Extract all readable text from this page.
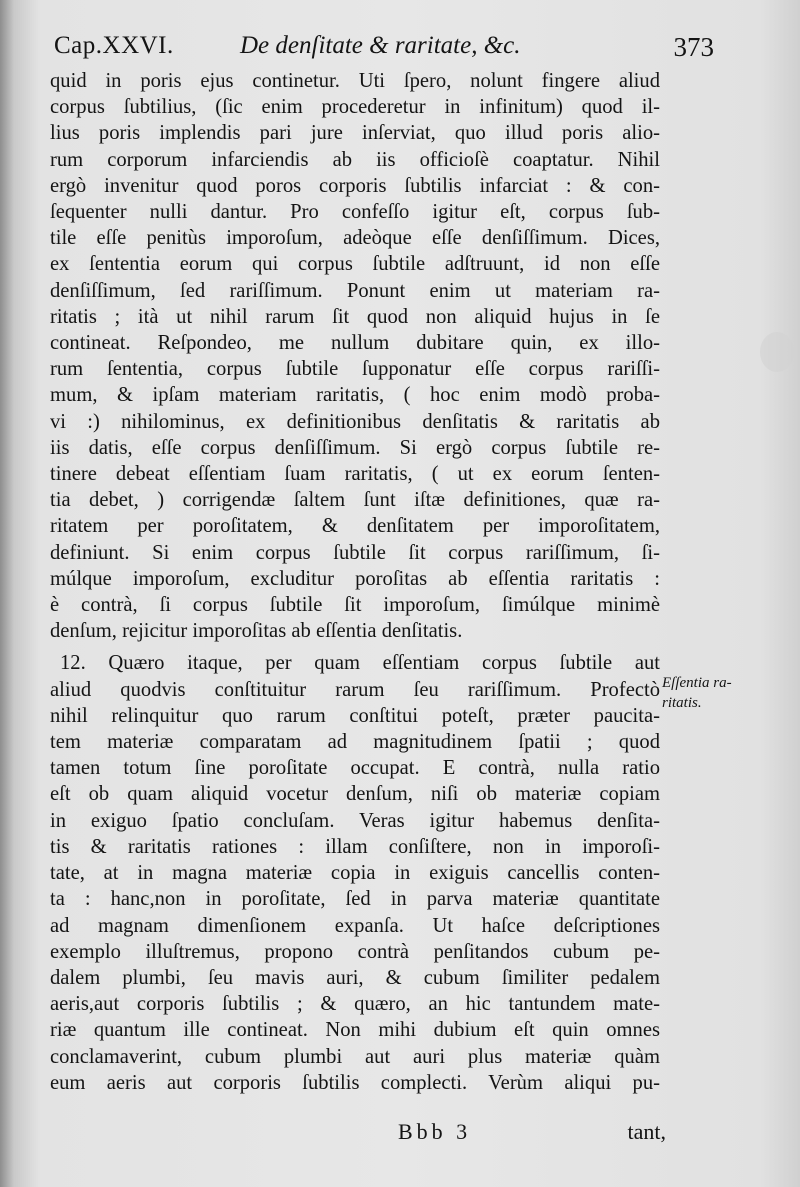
Cap.XXVI.	De denſitate & raritate, &c.	373
quid in poris ejus continetur. Uti ſpero, nolunt fingere aliud
corpus ſubtilius, (ſic enim procederetur in infinitum) quod il-
lius poris implendis pari jure inſerviat, quo illud poris alio-
rum corporum infarciendis ab iis officioſè coaptatur. Nihil
ergò invenitur quod poros corporis ſubtilis infarciat : & con-
ſequenter nulli dantur. Pro confeſſo igitur eſt, corpus ſub-
tile eſſe penitùs imporoſum, adeòque eſſe denſiſſimum. Dices,
ex ſententia eorum qui corpus ſubtile adſtruunt, id non eſſe
denſiſſimum, ſed rariſſimum. Ponunt enim ut materiam ra-
ritatis ; ità ut nihil rarum ſit quod non aliquid hujus in ſe
contineat. Reſpondeo, me nullum dubitare quin, ex illo-
rum ſententia, corpus ſubtile ſupponatur eſſe corpus rariſſi-
mum, & ipſam materiam raritatis, ( hoc enim modò proba-
vi :) nihilominus, ex definitionibus denſitatis & raritatis ab
iis datis, eſſe corpus denſiſſimum. Si ergò corpus ſubtile re-
tinere debeat eſſentiam ſuam raritatis, ( ut ex eorum ſenten-
tia debet, ) corrigendæ ſaltem ſunt iſtæ definitiones, quæ ra-
ritatem per poroſitatem, & denſitatem per imporoſitatem,
definiunt. Si enim corpus ſubtile ſit corpus rariſſimum, ſi-
múlque imporoſum, excluditur poroſitas ab eſſentia raritatis :
è contrà, ſi corpus ſubtile ſit imporoſum, ſimúlque minimè
denſum, rejicitur imporoſitas ab eſſentia denſitatis.
12. Quæro itaque, per quam eſſentiam corpus ſubtile aut
aliud quodvis conſtituitur rarum ſeu rariſſimum. Profectò
nihil relinquitur quo rarum conſtitui poteſt, præter paucita-
tem materiæ comparatam ad magnitudinem ſpatii ; quod
tamen totum ſine poroſitate occupat. E contrà, nulla ratio
eſt ob quam aliquid vocetur denſum, niſi ob materiæ copiam
in exiguo ſpatio concluſam. Veras igitur habemus denſita-
tis & raritatis rationes : illam conſiſtere, non in imporoſi-
tate, at in magna materiæ copia in exiguis cancellis conten-
ta : hanc,non in poroſitate, ſed in parva materiæ quantitate
ad magnam dimenſionem expanſa. Ut haſce deſcriptiones
exemplo illuſtremus, propono contrà penſitandos cubum pe-
dalem plumbi, ſeu mavis auri, & cubum ſimiliter pedalem
aeris,aut corporis ſubtilis ; & quæro, an hic tantundem mate-
riæ quantum ille contineat. Non mihi dubium eſt quin omnes
conclamaverint, cubum plumbi aut auri plus materiæ quàm
eum aeris aut corporis ſubtilis complecti. Verùm aliqui pu-
Eſſentia ra-
ritatis.
Bbb 3	tant,
